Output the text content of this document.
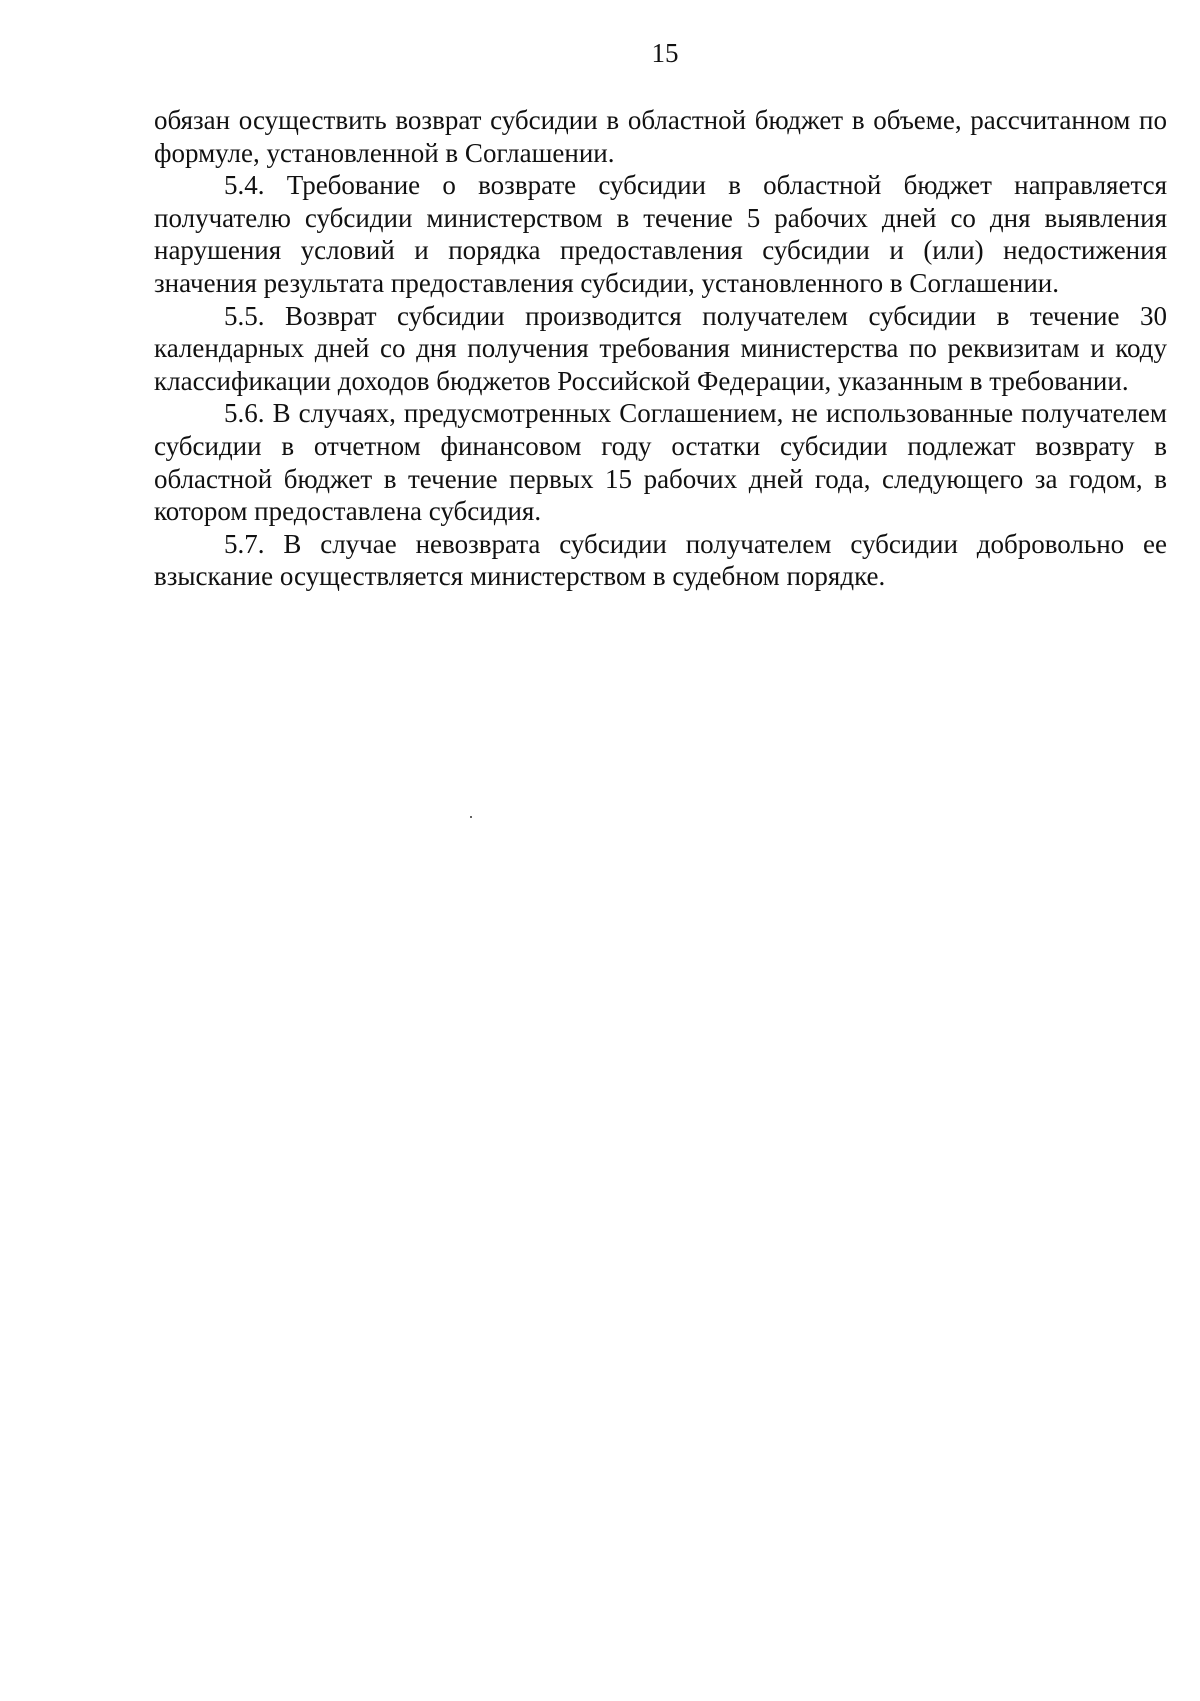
15

обязан осуществить возврат субсидии в областной бюджет в объеме, рассчитанном по формуле, установленной в Соглашении.

5.4. Требование о возврате субсидии в областной бюджет направляется получателю субсидии министерством в течение 5 рабочих дней со дня выявления нарушения условий и порядка предоставления субсидии и (или) недостижения значения результата предоставления субсидии, установленного в Соглашении.

5.5. Возврат субсидии производится получателем субсидии в течение 30 календарных дней со дня получения требования министерства по реквизитам и коду классификации доходов бюджетов Российской Федерации, указанным в требовании.

5.6. В случаях, предусмотренных Соглашением, не использованные получателем субсидии в отчетном финансовом году остатки субсидии подлежат возврату в областной бюджет в течение первых 15 рабочих дней года, следующего за годом, в котором предоставлена субсидия.

5.7. В случае невозврата субсидии получателем субсидии добровольно ее взыскание осуществляется министерством в судебном порядке.
